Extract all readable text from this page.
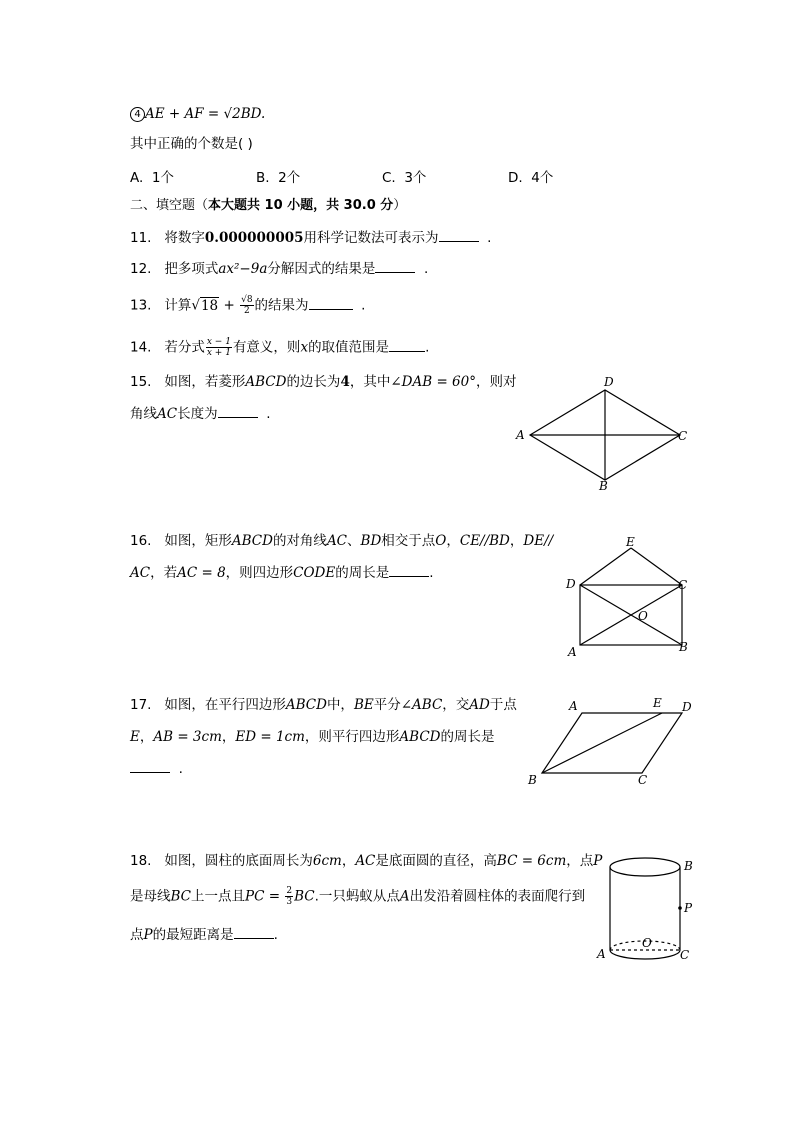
4 AE + AF = √2BD.
其中正确的个数是( )
A. 1个	B. 2个	C. 3个	D. 4个
二、填空题（本大题共 10 小题，共 30.0 分）
11. 将数字0.000000005用科学记数法可表示为	.
12. 把多项式ax²−9a分解因式的结果是	.
13. 计算$√18 + \frac{√8}{2}$ 的结果为	.
14. 若分式 $\frac{x - 1}{x + 1}$ 有意义，则x的取值范围是	.
15. 如图，若菱形ABCD的边长为4，其中∠DAB = 60°，则对
角线AC长度为	.
A
D
C
B
16. 如图，矩形ABCD的对角线AC、BD相交于点O，CE//BD，DE//
AC，若AC = 8，则四边形CODE的周长是	.
E
D	C
O
A	B
17. 如图，在平行四边形ABCD中，BE平分∠ABC，交AD于点
E，AB = 3cm，ED = 1cm，则平行四边形ABCD的周长是
.
A	E D
B	C
18. 如图，圆柱的底面周长为6cm，AC是底面圆的直径，高BC = 6cm，点P
是母线BC上一点且PC = $\frac{2}{3}$ BC.一只蚂蚁从点A出发沿着圆柱体的表面爬行到
点P的最短距离是	.
B
P
O
A	C
